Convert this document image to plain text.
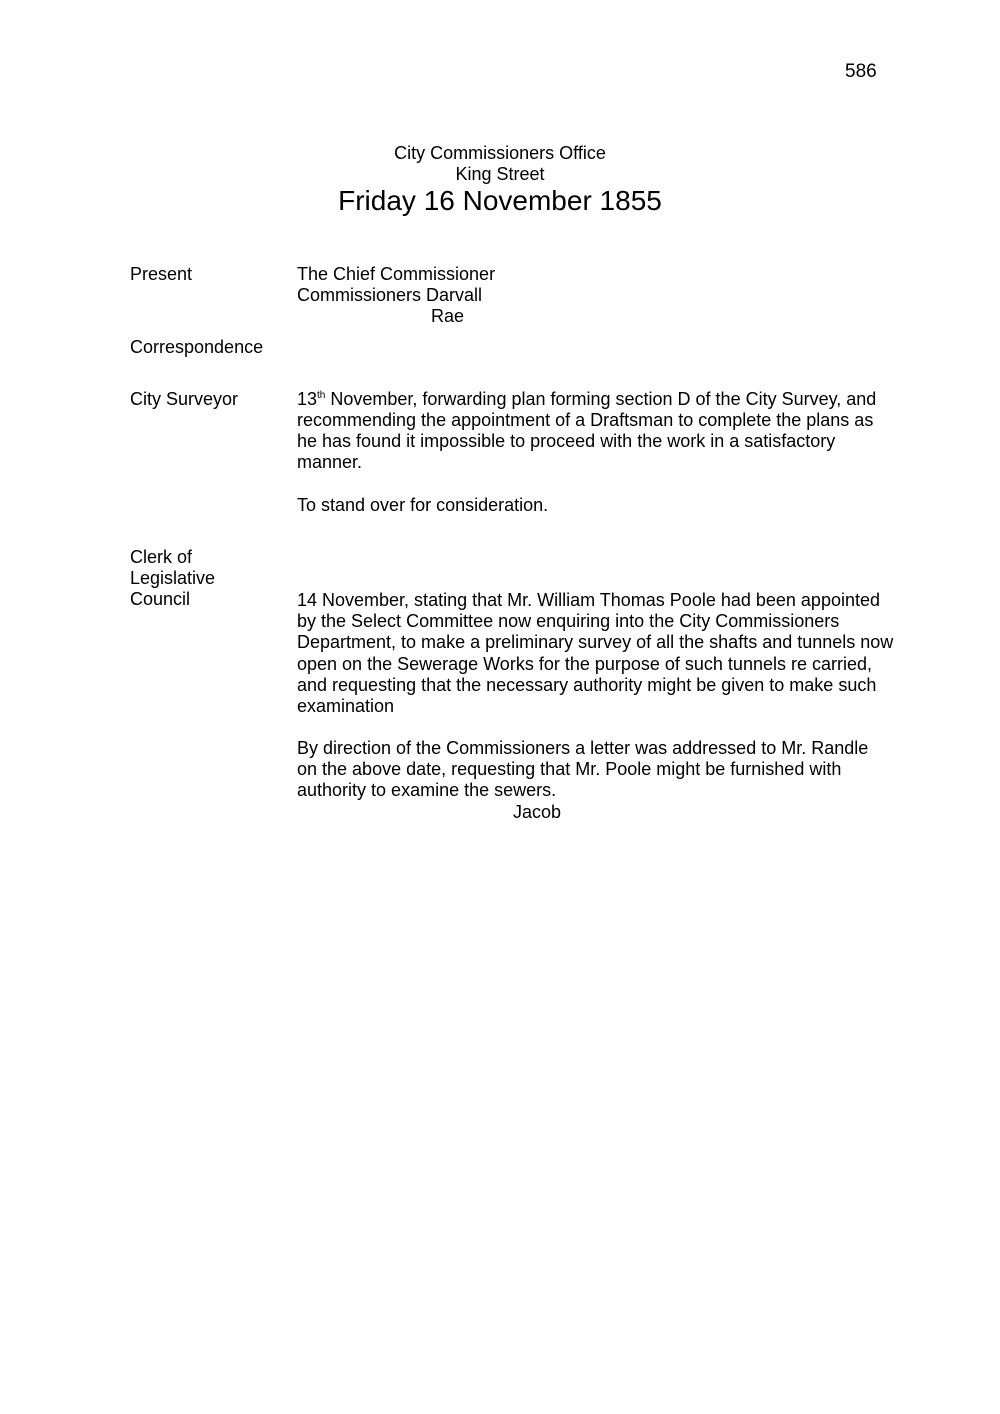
586

City Commissioners Office

King Street

Friday 16 November 1855

Present	The Chief Commissioner

Commissioners Darvall

Rae

Correspondence

City Surveyor	13th November, forwarding plan forming section D of the City Survey, and

recommending the appointment of a Draftsman to complete the plans as

he has found it impossible to proceed with the work in a satisfactory

manner.

To stand over for consideration.

Clerk of

Legislative

Council	14 November, stating that Mr. William Thomas Poole had been appointed

by the Select Committee now enquiring into the City Commissioners

Department, to make a preliminary survey of all the shafts and tunnels now

open on the Sewerage Works for the purpose of such tunnels re carried,

and requesting that the necessary authority might be given to make such

examination

By direction of the Commissioners a letter was addressed to Mr. Randle

on the above date, requesting that Mr. Poole might be furnished with

authority to examine the sewers.

Jacob
